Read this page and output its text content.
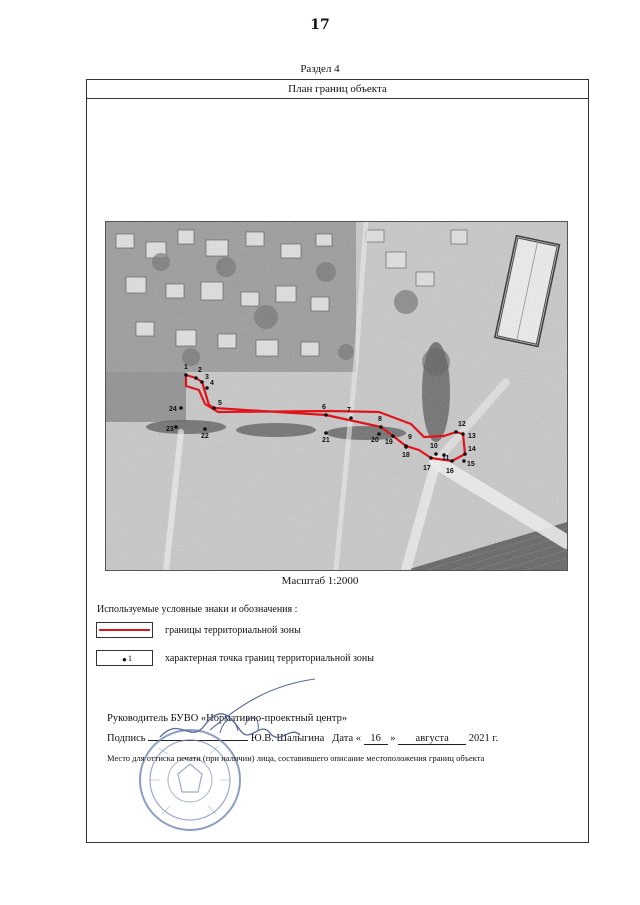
17
Раздел 4
План границ объекта
1 2
3
4
5
6	7
8
9
10
11
12
13
14
15
16
17
18
19
20
21
22
23
24
Масштаб 1:2000
Используемые условные знаки и обозначения :
границы территориальной зоны
● 1	характерная точка границ территориальной зоны
Руководитель БУВО «Нормативно-проектный центр»
Подпись	Ю.В. Шалыгина Дата « 16 » августа 2021 г.
Место для оттиска печати (при наличии) лица, составившего описание местоположения границ объекта
